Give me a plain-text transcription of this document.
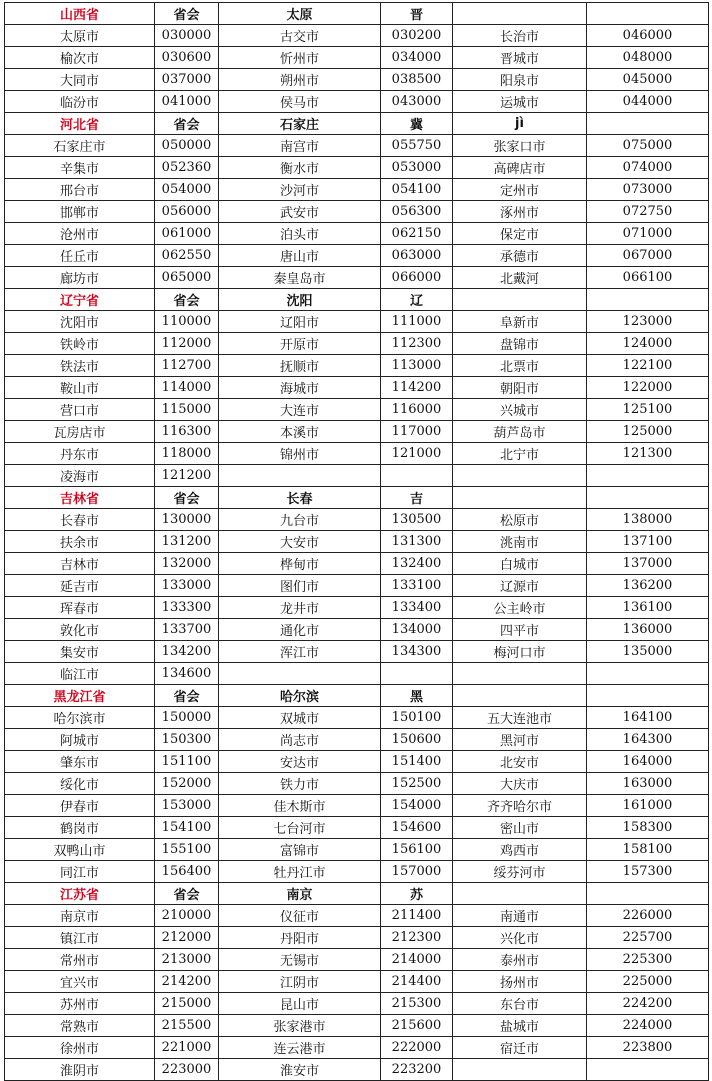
山西省	省会	太原	晋		
太原市	030000	古交市	030200	长治市	046000
榆次市	030600	忻州市	034000	晋城市	048000
大同市	037000	朔州市	038500	阳泉市	045000
临汾市	041000	侯马市	043000	运城市	044000
河北省	省会	石家庄	冀	jì	
石家庄市	050000	南宫市	055750	张家口市	075000
辛集市	052360	衡水市	053000	高碑店市	074000
邢台市	054000	沙河市	054100	定州市	073000
邯郸市	056000	武安市	056300	涿州市	072750
沧州市	061000	泊头市	062150	保定市	071000
任丘市	062550	唐山市	063000	承德市	067000
廊坊市	065000	秦皇岛市	066000	北戴河	066100
辽宁省	省会	沈阳	辽		
沈阳市	110000	辽阳市	111000	阜新市	123000
铁岭市	112000	开原市	112300	盘锦市	124000
铁法市	112700	抚顺市	113000	北票市	122100
鞍山市	114000	海城市	114200	朝阳市	122000
营口市	115000	大连市	116000	兴城市	125100
瓦房店市	116300	本溪市	117000	葫芦岛市	125000
丹东市	118000	锦州市	121000	北宁市	121300
凌海市	121200				
吉林省	省会	长春	吉		
长春市	130000	九台市	130500	松原市	138000
扶余市	131200	大安市	131300	洮南市	137100
吉林市	132000	桦甸市	132400	白城市	137000
延吉市	133000	图们市	133100	辽源市	136200
珲春市	133300	龙井市	133400	公主岭市	136100
敦化市	133700	通化市	134000	四平市	136000
集安市	134200	浑江市	134300	梅河口市	135000
临江市	134600				
黑龙江省	省会	哈尔滨	黑		
哈尔滨市	150000	双城市	150100	五大连池市	164100
阿城市	150300	尚志市	150600	黑河市	164300
肇东市	151100	安达市	151400	北安市	164000
绥化市	152000	铁力市	152500	大庆市	163000
伊春市	153000	佳木斯市	154000	齐齐哈尔市	161000
鹤岗市	154100	七台河市	154600	密山市	158300
双鸭山市	155100	富锦市	156100	鸡西市	158100
同江市	156400	牡丹江市	157000	绥芬河市	157300
江苏省	省会	南京	苏		
南京市	210000	仪征市	211400	南通市	226000
镇江市	212000	丹阳市	212300	兴化市	225700
常州市	213000	无锡市	214000	泰州市	225300
宜兴市	214200	江阴市	214400	扬州市	225000
苏州市	215000	昆山市	215300	东台市	224200
常熟市	215500	张家港市	215600	盐城市	224000
徐州市	221000	连云港市	222000	宿迁市	223800
淮阴市	223000	淮安市	223200		
